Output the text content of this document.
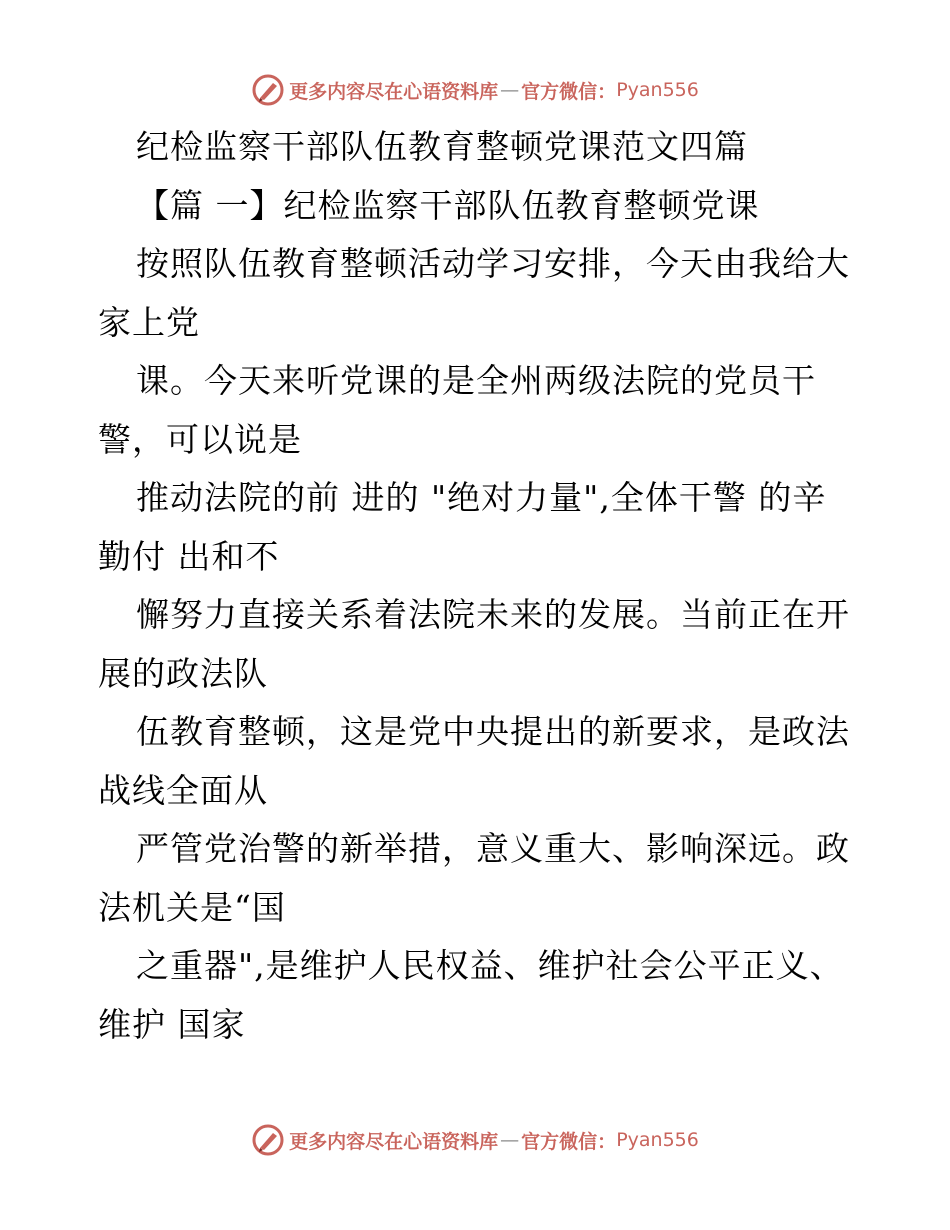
更多内容尽在心语资料库 — 官方微信： Pyan556
纪检监察干部队伍教育整顿党课范文四篇
【篇 一】纪检监察干部队伍教育整顿党课
按照队伍教育整顿活动学习安排，今天由我给大
家上党
课。今天来听党课的是全州两级法院的党员干
警，可以说是
推动法院的前 进的 "绝对力量",全体干警 的辛
勤付 出和不
懈努力直接关系着法院未来的发展。当前正在开
展的政法队
伍教育整顿，这是党中央提出的新要求，是政法
战线全面从
严管党治警的新举措，意义重大、影响深远。政
法机关是“国
之重器",是维护人民权益、维护社会公平正义、
维护 国家
更多内容尽在心语资料库 — 官方微信： Pyan556
